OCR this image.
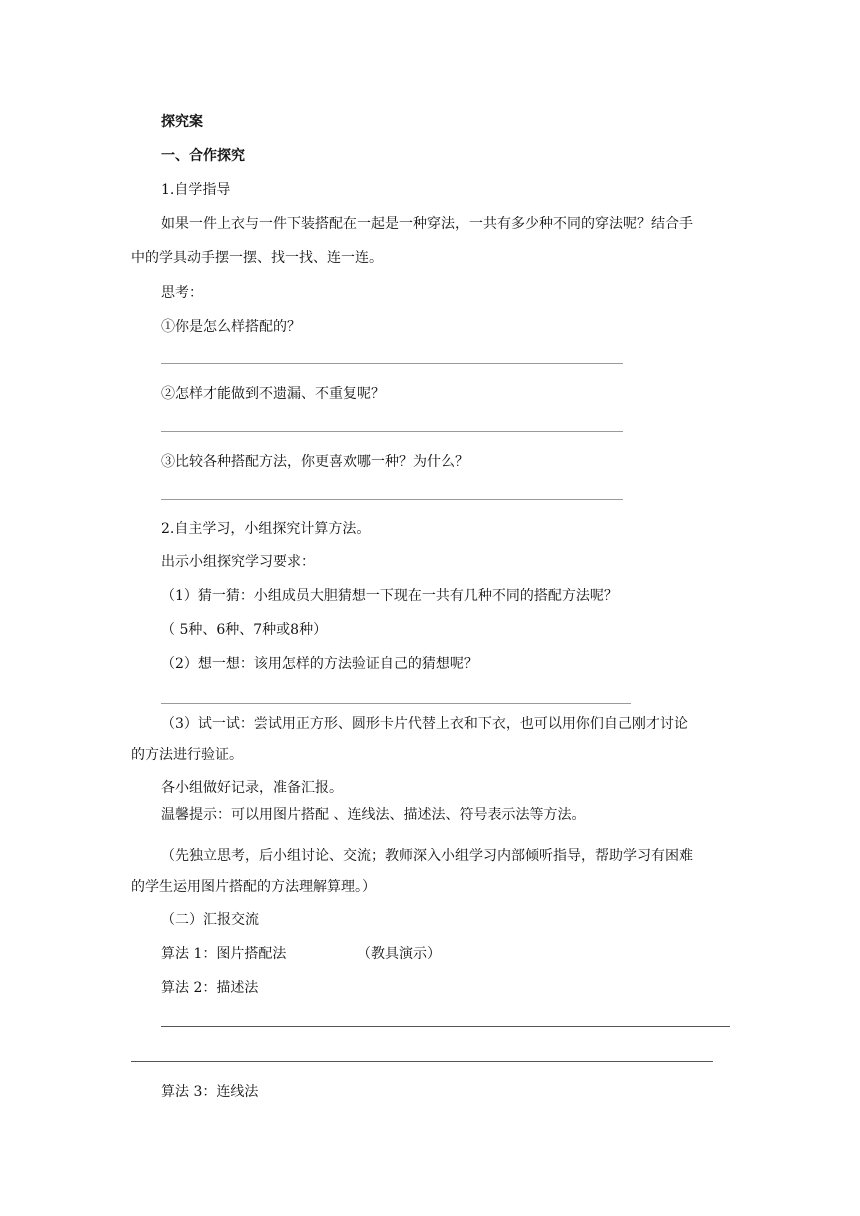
探究案
一、合作探究
1.自学指导
如果一件上衣与一件下装搭配在一起是一种穿法，一共有多少种不同的穿法呢？结合手
中的学具动手摆一摆、找一找、连一连。
思考：
①你是怎么样搭配的？
②怎样才能做到不遗漏、不重复呢？
③比较各种搭配方法，你更喜欢哪一种？为什么？
2.自主学习，小组探究计算方法。
出示小组探究学习要求：
（1）猜一猜：小组成员大胆猜想一下现在一共有几种不同的搭配方法呢？
（ 5种、6种、7种或8种）
（2）想一想：该用怎样的方法验证自己的猜想呢？
（3）试一试：尝试用正方形、圆形卡片代替上衣和下衣，也可以用你们自己刚才讨论
的方法进行验证。
各小组做好记录，准备汇报。
温馨提示：可以用图片搭配 、连线法、描述法、符号表示法等方法。
（先独立思考，后小组讨论、交流；教师深入小组学习内部倾听指导，帮助学习有困难
的学生运用图片搭配的方法理解算理。）
（二）汇报交流
算法 1：图片搭配法	（教具演示）
算法 2：描述法
算法 3：连线法
